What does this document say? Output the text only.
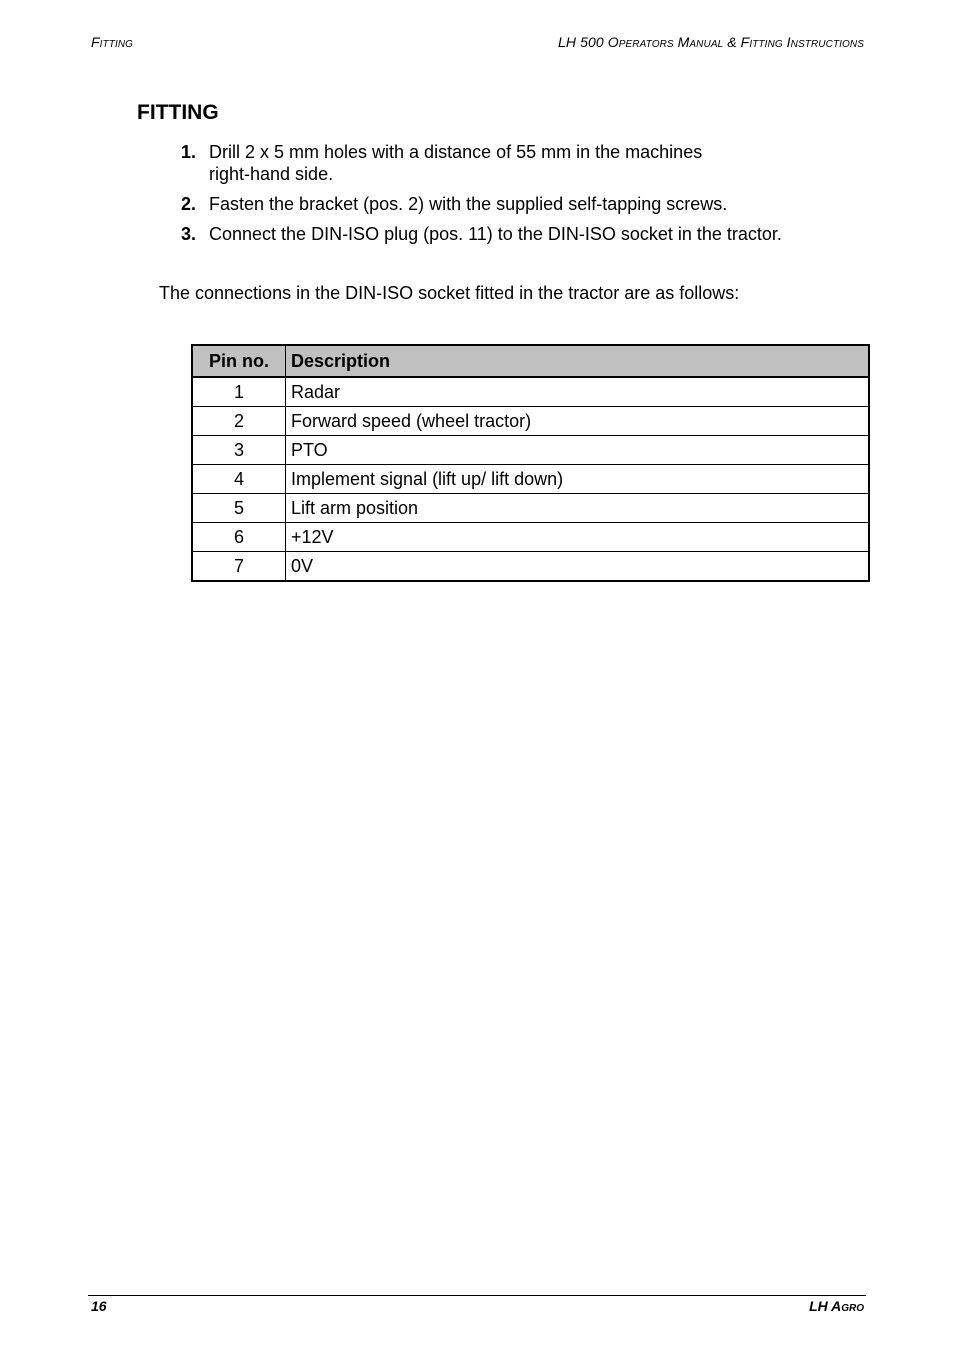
Fitting	LH 500 Operators Manual & Fitting Instructions
FITTING
1. Drill 2 x 5 mm holes with a distance of 55 mm in the machines
right-hand side.
2. Fasten the bracket (pos. 2) with the supplied self-tapping screws.
3. Connect the DIN-ISO plug (pos. 11) to the DIN-ISO socket in the tractor.

The connections in the DIN-ISO socket fitted in the tractor are as follows:

Pin no.	Description
1	Radar
2	Forward speed (wheel tractor)
3	PTO
4	Implement signal (lift up/ lift down)
5	Lift arm position
6	+12V
7	0V
16	LH Agro
